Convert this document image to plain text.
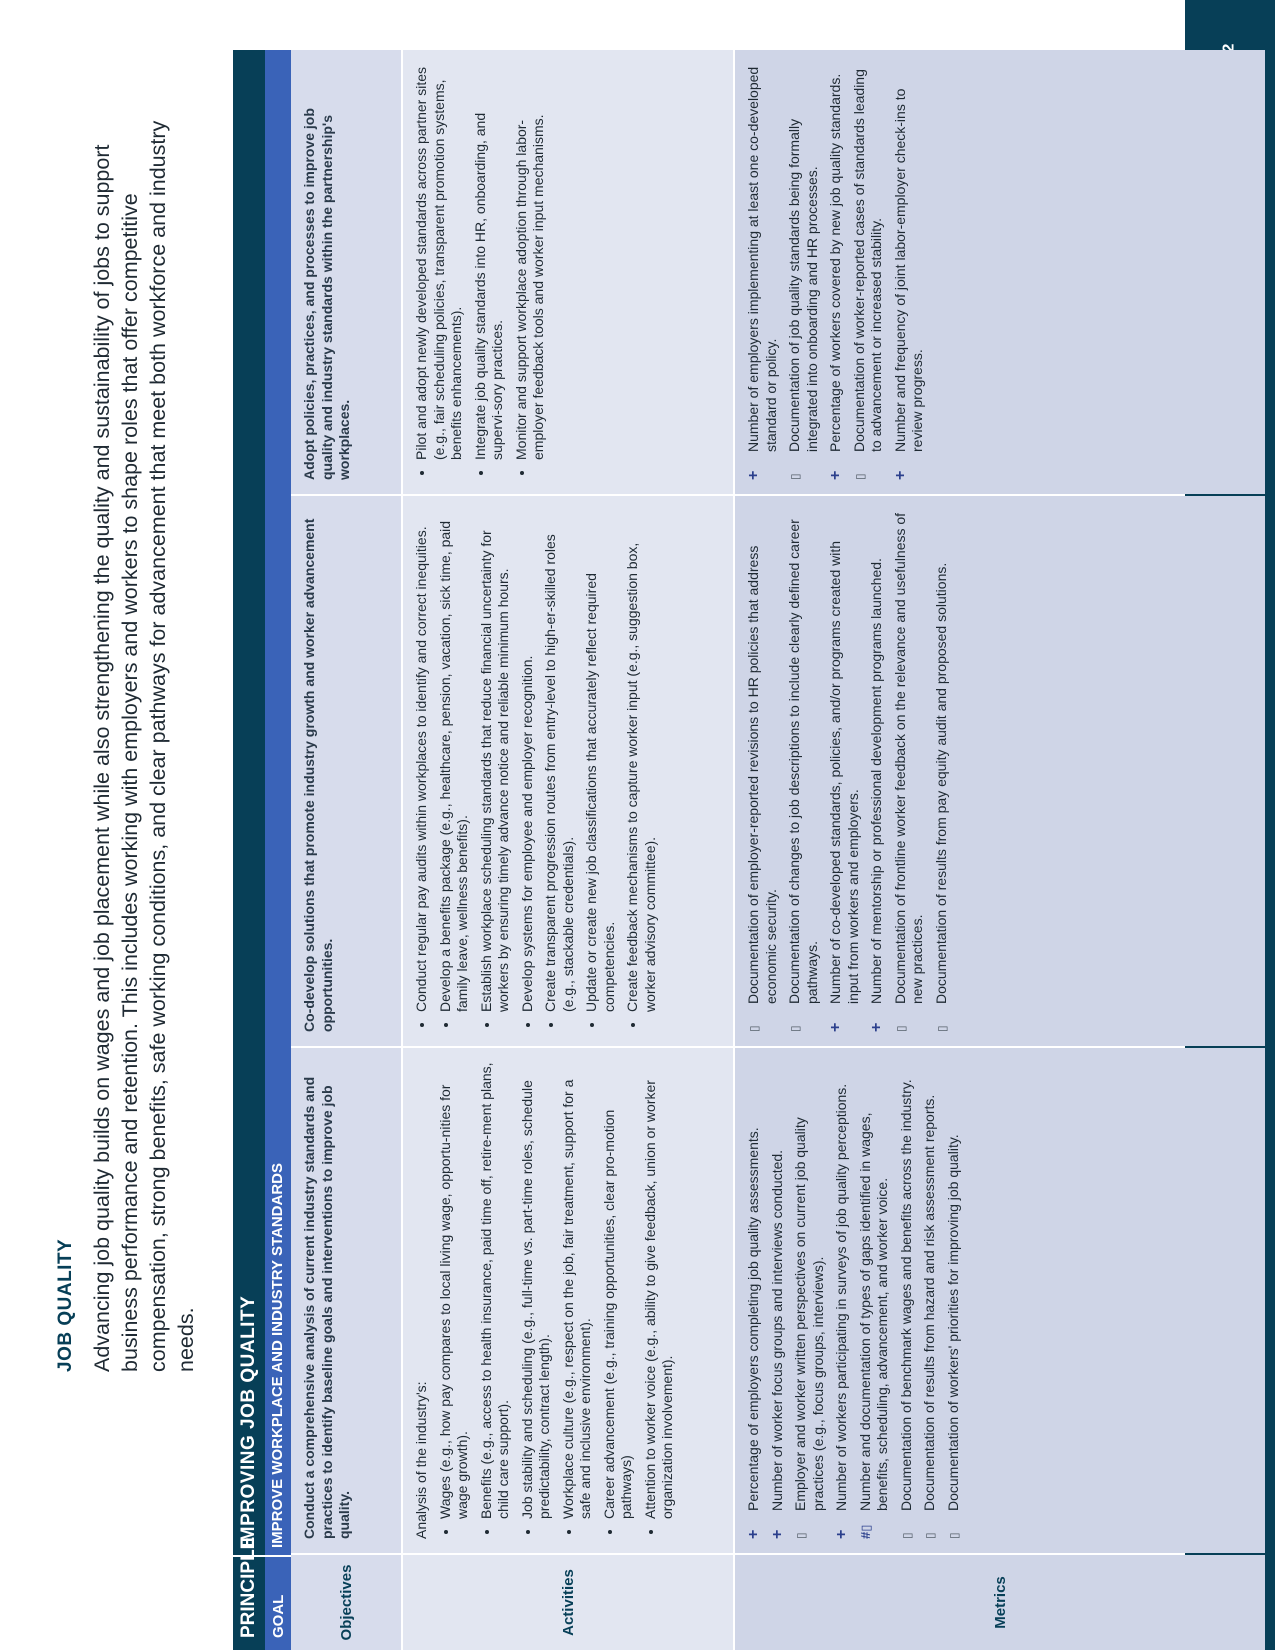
JOB QUALITY Advancing job quality builds on wages and job placement while also strengthening the quality and sustainability of jobs to support business performance and retention. This includes working with employers and workers to shape roles that offer competitive compensation, strong benefits, safe working conditions, and clear pathways for advancement that meet both workforce and industry needs.

PRINCIPLE
IMPROVING JOB QUALITY
GOAL
IMPROVE WORKPLACE AND INDUSTRY STANDARDS
Objectives
Conduct a comprehensive analysis of current industry standards and practices to identify baseline goals and interventions to improve job quality.
Co-develop solutions that promote industry growth and worker advancement opportunities.
Adopt policies, practices, and processes to improve job quality and industry standards within the partnership's workplaces.
Activities

Analysis of the industry's: • Wages (e.g., how pay compares to local living wage, opportu-nities for wage growth). • Benefits (e.g., access to health insurance, paid time off, retire-ment plans, child care support). • Job stability and scheduling (e.g., full-time vs. part-time roles, schedule predictability, contract length). • Workplace culture (e.g., respect on the job, fair treatment, support for a safe and inclusive environment). • Career advancement (e.g., training opportunities, clear pro-motion pathways) • Attention to worker voice (e.g., ability to give feedback, union or worker organization involvement).
• Conduct regular pay audits within workplaces to identify and correct inequities. • Develop a benefits package (e.g., healthcare, pension, vacation, sick time, paid family leave, wellness benefits). • Establish workplace scheduling standards that reduce financial uncertainty for workers by ensuring timely advance notice and reliable minimum hours. • Develop systems for employee and employer recognition. • Create transparent progression routes from entry-level to high-er-skilled roles (e.g., stackable credentials). • Update or create new job classifications that accurately reflect required competencies. • Create feedback mechanisms to capture worker input (e.g., suggestion box, worker advisory committee).
• Pilot and adopt newly developed standards across partner sites (e.g., fair scheduling policies, transparent promotion systems, benefits enhancements). • Integrate job quality standards into HR, onboarding, and supervi-sory practices. • Monitor and support workplace adoption through labor-employer feedback tools and worker input mechanisms.
Metrics
+
Percentage of employers completing job quality assessments.
+
Number of worker focus groups and interviews conducted.
▯
Employer and worker written perspectives on current job quality practices (e.g., focus groups, interviews).
+
Number of workers participating in surveys of job quality perceptions.
#▯
Number and documentation of types of gaps identified in wages, benefits, scheduling, advancement, and worker voice.
▯
Documentation of benchmark wages and benefits across the industry.
▯
Documentation of results from hazard and risk assessment reports.
▯
Documentation of workers' priorities for improving job quality.
▯
Documentation of employer-reported revisions to HR policies that address economic security.
▯
Documentation of changes to job descriptions to include clearly defined career pathways.
+
Number of co-developed standards, policies, and/or programs created with input from workers and employers.
+
Number of mentorship or professional development programs launched.
▯
Documentation of frontline worker feedback on the relevance and usefulness of new practices.
▯
Documentation of results from pay equity audit and proposed solutions.
+
Number of employers implementing at least one co-developed standard or policy.
▯
Documentation of job quality standards being formally integrated into onboarding and HR processes.
+
Percentage of workers covered by new job quality standards.
▯
Documentation of worker-reported cases of standards leading to advancement or increased stability.
+
Number and frequency of joint labor-employer check-ins to review progress.
